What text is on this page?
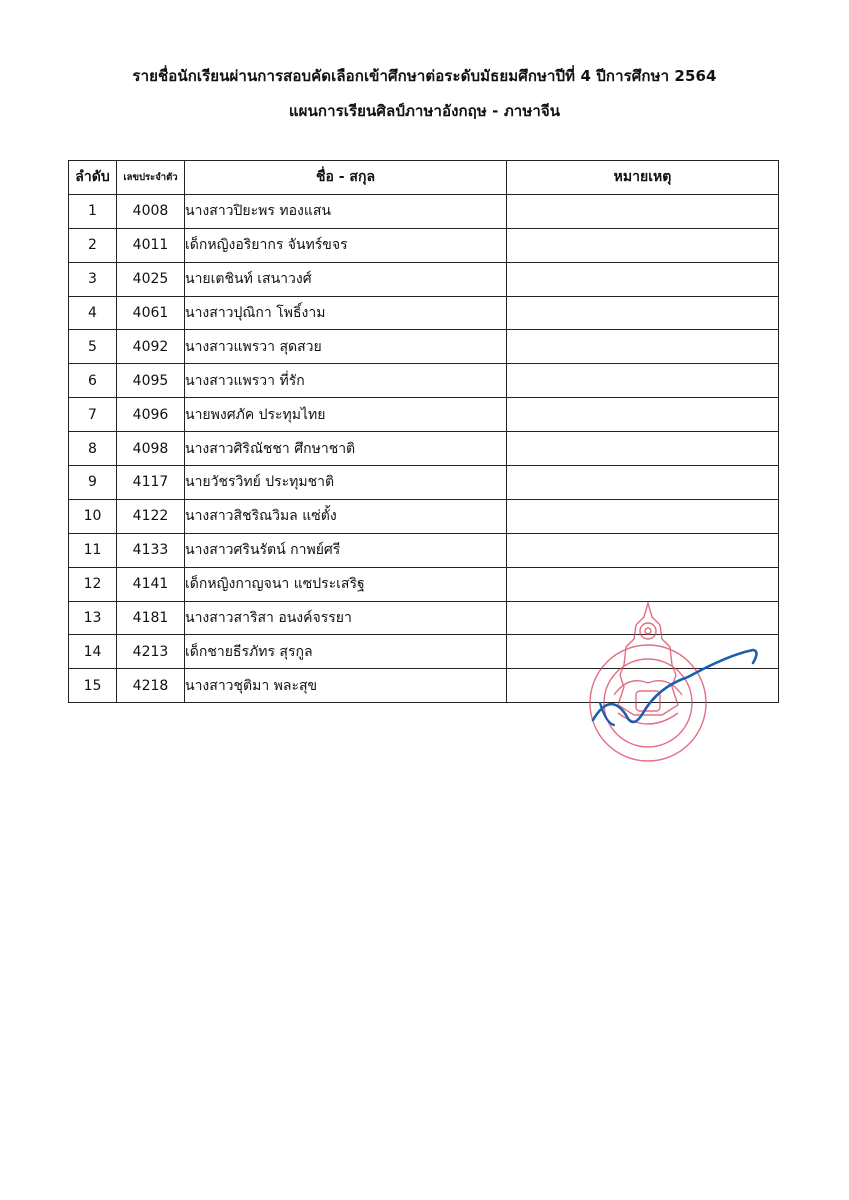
รายชื่อนักเรียนผ่านการสอบคัดเลือกเข้าศึกษาต่อระดับมัธยมศึกษาปีที่ 4 ปีการศึกษา 2564
แผนการเรียนศิลป์ภาษาอังกฤษ - ภาษาจีน
ลำดับ	เลขประจำตัว	ชื่อ - สกุล	หมายเหตุ
1	4008	นางสาวปิยะพร ทองแสน	
2	4011	เด็กหญิงอริยากร จันทร์ขจร	
3	4025	นายเตชินท์ เสนาวงศ์	
4	4061	นางสาวปุณิกา โพธิ์งาม	
5	4092	นางสาวแพรวา สุดสวย	
6	4095	นางสาวแพรวา ที่รัก	
7	4096	นายพงศภัค ประทุมไทย	
8	4098	นางสาวศิริณัชชา ศึกษาชาติ	
9	4117	นายวัชรวิทย์ ประทุมชาติ	
10	4122	นางสาวสิชริณวิมล แซ่ตั้ง	
11	4133	นางสาวศรินรัตน์ กาพย์ศรี	
12	4141	เด็กหญิงกาญจนา แซประเสริฐ	
13	4181	นางสาวสาริสา อนงค์จรรยา	
14	4213	เด็กชายธีรภัทร สุรกูล	
15	4218	นางสาวชุติมา พละสุข	
